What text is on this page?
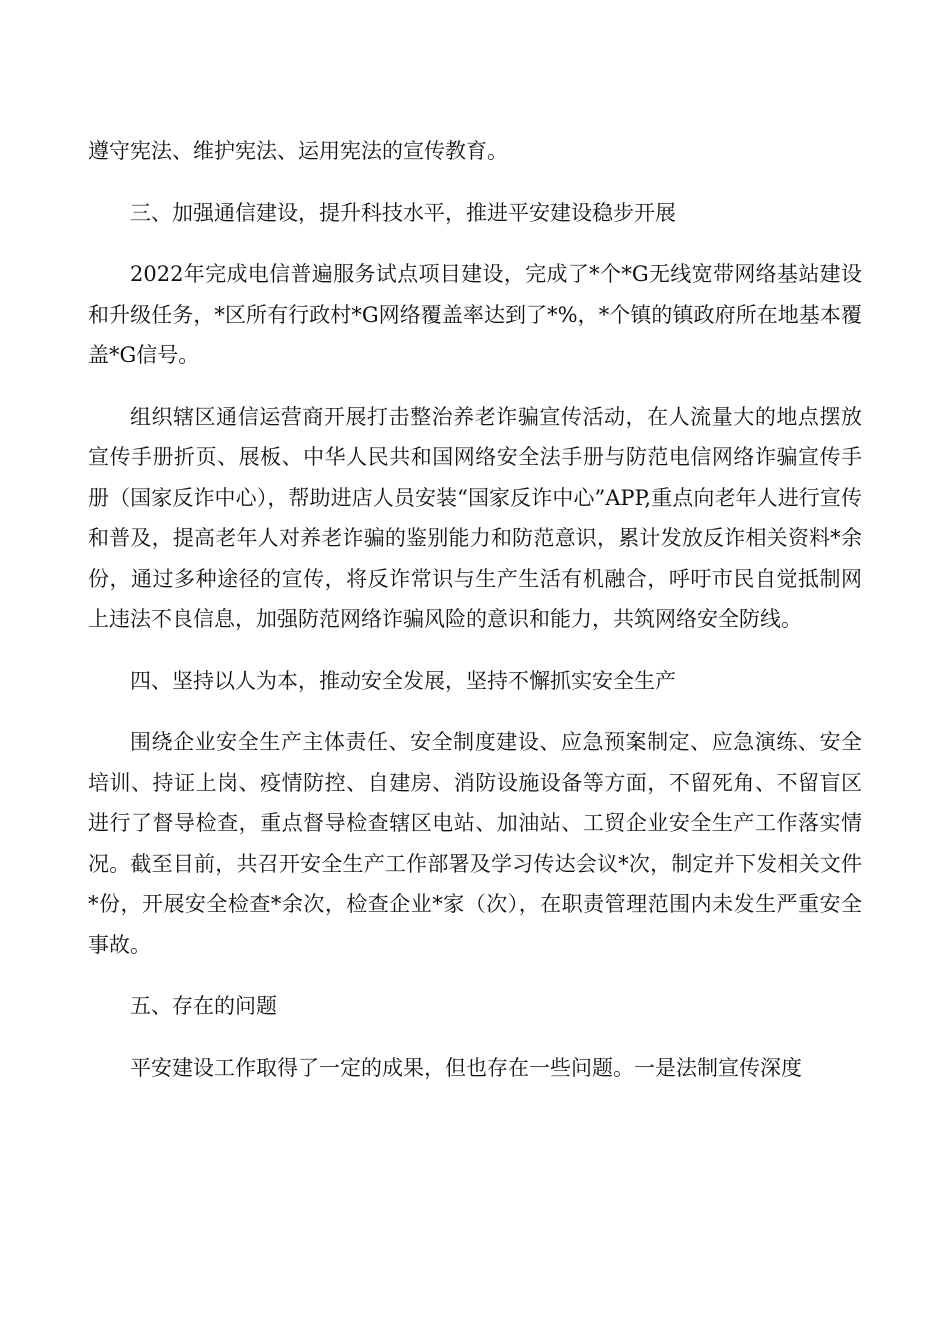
遵守宪法、维护宪法、运用宪法的宣传教育。

三、加强通信建设，提升科技水平，推进平安建设稳步开展

2022年完成电信普遍服务试点项目建设，完成了*个*G无线宽带网络基站建设和升级任务，*区所有行政村*G网络覆盖率达到了*%，*个镇的镇政府所在地基本覆盖*G信号。

组织辖区通信运营商开展打击整治养老诈骗宣传活动，在人流量大的地点摆放宣传手册折页、展板、中华人民共和国网络安全法手册与防范电信网络诈骗宣传手册（国家反诈中心），帮助进店人员安装“国家反诈中心”APP,重点向老年人进行宣传和普及，提高老年人对养老诈骗的鉴别能力和防范意识，累计发放反诈相关资料*余份，通过多种途径的宣传，将反诈常识与生产生活有机融合，呼吁市民自觉抵制网上违法不良信息，加强防范网络诈骗风险的意识和能力，共筑网络安全防线。

四、坚持以人为本，推动安全发展，坚持不懈抓实安全生产

围绕企业安全生产主体责任、安全制度建设、应急预案制定、应急演练、安全培训、持证上岗、疫情防控、自建房、消防设施设备等方面，不留死角、不留盲区进行了督导检查，重点督导检查辖区电站、加油站、工贸企业安全生产工作落实情况。截至目前，共召开安全生产工作部署及学习传达会议*次，制定并下发相关文件*份，开展安全检查*余次，检查企业*家（次），在职责管理范围内未发生严重安全事故。

五、存在的问题

平安建设工作取得了一定的成果，但也存在一些问题。一是法制宣传深度
